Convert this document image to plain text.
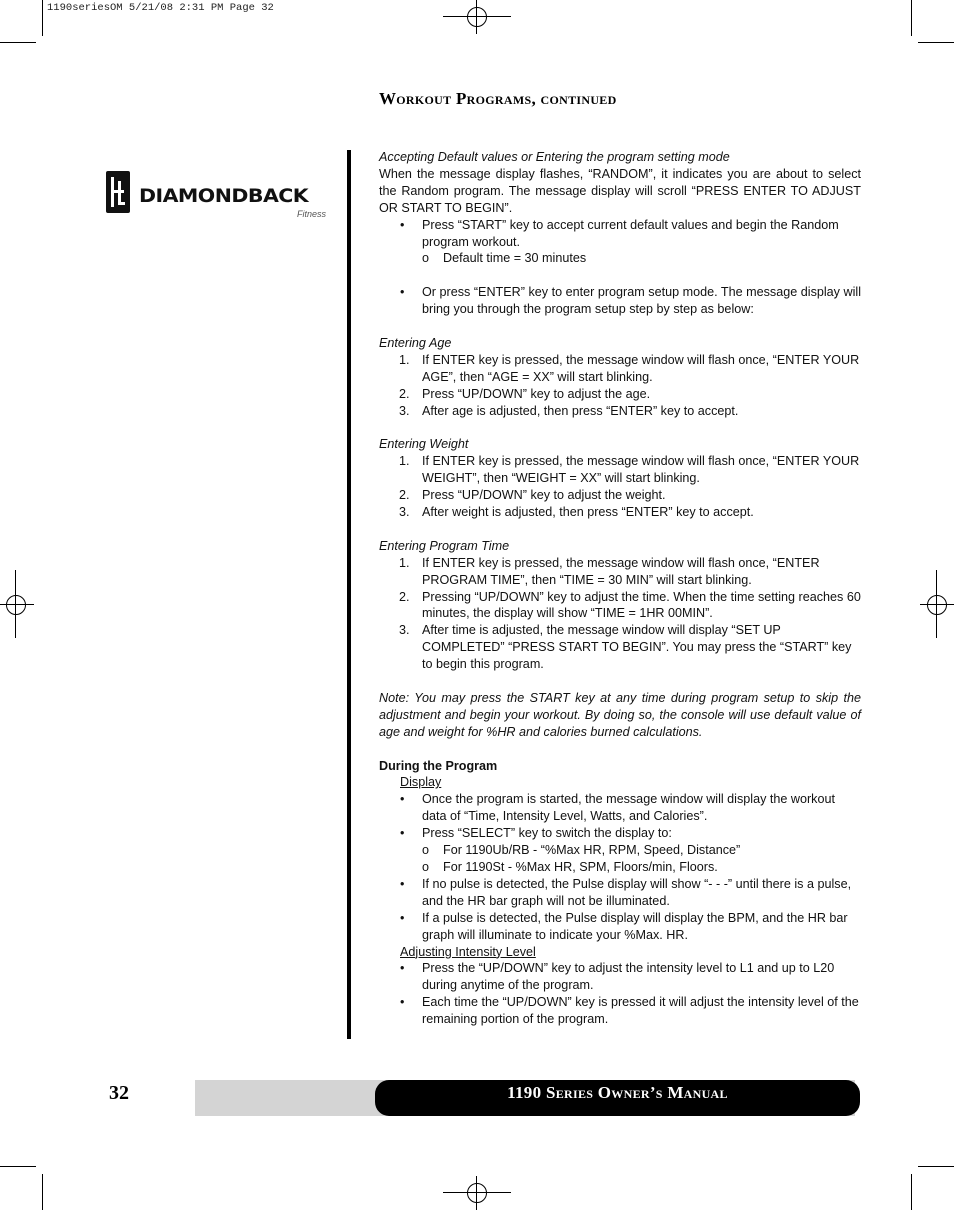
1190seriesOM 5/21/08 2:31 PM Page 32
Workout Programs, continued
DIAMONDBACK
Fitness

Accepting Default values or Entering the program setting mode

When the message display flashes, “RANDOM”, it indicates you are about to select the Random program. The message display will scroll “PRESS ENTER TO ADJUST OR START TO BEGIN”.

• Press “START” key to accept current default values and begin the Random program workout.
o Default time = 30 minutes
• Or press “ENTER” key to enter program setup mode. The message display will bring you through the program setup step by step as below:

Entering Age

1. If ENTER key is pressed, the message window will flash once, “ENTER YOUR AGE”, then “AGE = XX” will start blinking.
2. Press “UP/DOWN” key to adjust the age.
3. After age is adjusted, then press “ENTER” key to accept.

Entering Weight

1. If ENTER key is pressed, the message window will flash once, “ENTER YOUR WEIGHT”, then “WEIGHT = XX” will start blinking.
2. Press “UP/DOWN” key to adjust the weight.
3. After weight is adjusted, then press “ENTER” key to accept.

Entering Program Time

1. If ENTER key is pressed, the message window will flash once, “ENTER PROGRAM TIME”, then “TIME = 30 MIN” will start blinking.
2. Pressing “UP/DOWN” key to adjust the time. When the time setting reaches 60 minutes, the display will show “TIME = 1HR 00MIN”.
3. After time is adjusted, the message window will display “SET UP COMPLETED” “PRESS START TO BEGIN”. You may press the “START” key to begin this program.

Note: You may press the START key at any time during program setup to skip the adjustment and begin your workout. By doing so, the console will use default value of age and weight for %HR and calories burned calculations.

During the Program

Display

• Once the program is started, the message window will display the workout data of “Time, Intensity Level, Watts, and Calories”.
• Press “SELECT” key to switch the display to:
o For 1190Ub/RB - “%Max HR, RPM, Speed, Distance”
o For 1190St - %Max HR, SPM, Floors/min, Floors.
• If no pulse is detected, the Pulse display will show “- - -” until there is a pulse, and the HR bar graph will not be illuminated.
• If a pulse is detected, the Pulse display will display the BPM, and the HR bar graph will illuminate to indicate your %Max. HR.

Adjusting Intensity Level

• Press the “UP/DOWN” key to adjust the intensity level to L1 and up to L20 during anytime of the program.
• Each time the “UP/DOWN” key is pressed it will adjust the intensity level of the remaining portion of the program.
32	1190 Series Owner’s Manual
